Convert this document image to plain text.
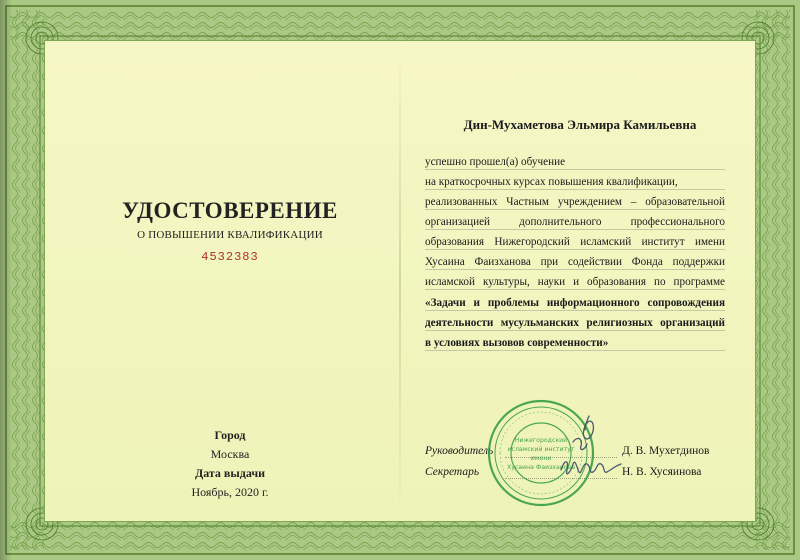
УДОСТОВЕРЕНИЕ
О ПОВЫШЕНИИ КВАЛИФИКАЦИИ
4532383
Город
Москва
Дата выдачи
Ноябрь, 2020 г.
Дин-Мухаметова Эльмира Камильевна
успешно прошел(а) обучение
на краткосрочных курсах повышения квалификации,
реализованных Частным учреждением – образовательной
организацией дополнительного профессионального
образования Нижегородский исламский институт имени
Хусаина Фаизханова при содействии Фонда поддержки
исламской культуры, науки и образования по программе
«Задачи и проблемы информационного сопровождения
деятельности мусульманских религиозных организаций
в условиях вызовов современности»
Руководитель	Д. В. Мухетдинов
Секретарь	Н. В. Хусяинова
Нижегородский
исламский институт
имени
Хусаина Фаизханова
